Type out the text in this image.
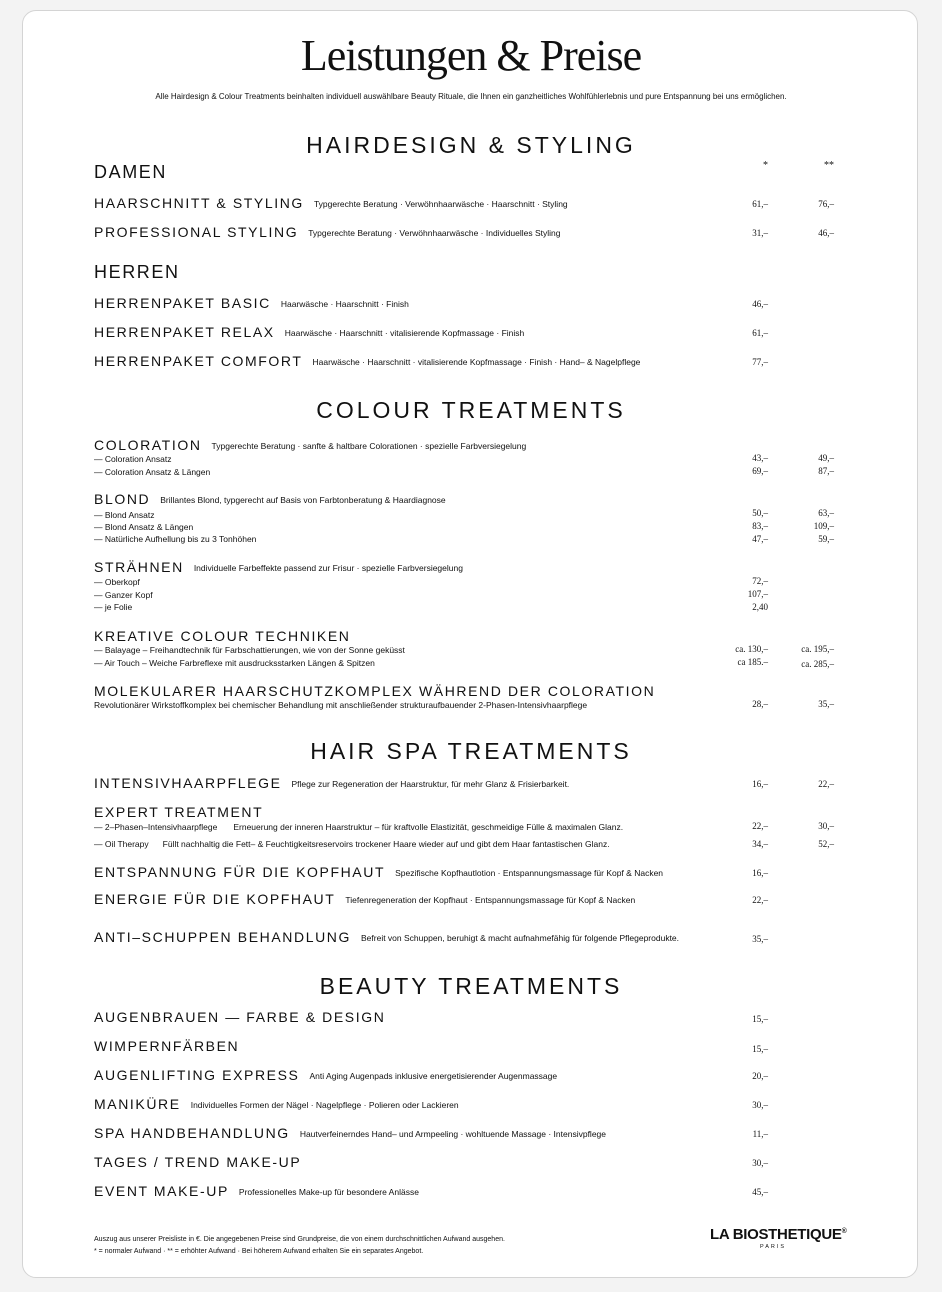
Leistungen & Preise
Alle Hairdesign & Colour Treatments beinhalten individuell auswählbare Beauty Rituale, die Ihnen ein ganzheitliches Wohlfühlerlebnis und pure Entspannung bei uns ermöglichen.
HAIRDESIGN & STYLING
DAMEN	*	**
HAARSCHNITT & STYLING Typgerechte Beratung · Verwöhnhaarwäsche · Haarschnitt · Styling	61,–	76,–
PROFESSIONAL STYLING Typgerechte Beratung · Verwöhnhaarwäsche · Individuelles Styling	31,–	46,–
HERREN
HERRENPAKET BASIC Haarwäsche · Haarschnitt · Finish	46,–
HERRENPAKET RELAX Haarwäsche · Haarschnitt · vitalisierende Kopfmassage · Finish	61,–
HERRENPAKET COMFORT Haarwäsche · Haarschnitt · vitalisierende Kopfmassage · Finish · Hand– & Nagelpflege	77,–
COLOUR TREATMENTS
COLORATION Typgerechte Beratung · sanfte & haltbare Colorationen · spezielle Farbversiegelung
— Coloration Ansatz	43,–	49,–
— Coloration Ansatz & Längen	69,–	87,–
BLOND Brillantes Blond, typgerecht auf Basis von Farbtonberatung & Haardiagnose
— Blond Ansatz	50,–	63,–
— Blond Ansatz & Längen	83,–	109,–
— Natürliche Aufhellung bis zu 3 Tonhöhen	47,–	59,–
STRÄHNEN Individuelle Farbeffekte passend zur Frisur · spezielle Farbversiegelung
— Oberkopf	72,–
— Ganzer Kopf	107,–
— je Folie	2,40
KREATIVE COLOUR TECHNIKEN
— Balayage – Freihandtechnik für Farbschattierungen, wie von der Sonne geküsst	ca. 130,–	ca. 195,–
— Air Touch – Weiche Farbreflexe mit ausdrucksstarken Längen & Spitzen	ca 185.–	ca. 285,–
MOLEKULARER HAARSCHUTZKOMPLEX WÄHREND DER COLORATION
Revolutionärer Wirkstoffkomplex bei chemischer Behandlung mit anschließender strukturaufbauender 2-Phasen-Intensivhaarpflege	28,–	35,–
HAIR SPA TREATMENTS
INTENSIVHAARPFLEGE Pflege zur Regeneration der Haarstruktur, für mehr Glanz & Frisierbarkeit.	16,–	22,–
EXPERT TREATMENT
— 2–Phasen–Intensivhaarpflege Erneuerung der inneren Haarstruktur – für kraftvolle Elastizität, geschmeidige Fülle & maximalen Glanz.	22,–	30,–
— Oil Therapy Füllt nachhaltig die Fett– & Feuchtigkeitsreservoirs trockener Haare wieder auf und gibt dem Haar fantastischen Glanz.	34,–	52,–
ENTSPANNUNG FÜR DIE KOPFHAUT Spezifische Kopfhautlotion · Entspannungsmassage für Kopf & Nacken	16,–
ENERGIE FÜR DIE KOPFHAUT Tiefenregeneration der Kopfhaut · Entspannungsmassage für Kopf & Nacken	22,–
ANTI–SCHUPPEN BEHANDLUNG Befreit von Schuppen, beruhigt & macht aufnahmefähig für folgende Pflegeprodukte.	35,–
BEAUTY TREATMENTS
AUGENBRAUEN — FARBE & DESIGN	15,–
WIMPERNFÄRBEN	15,–
AUGENLIFTING EXPRESS Anti Aging Augenpads inklusive energetisierender Augenmassage	20,–
MANIKÜRE Individuelles Formen der Nägel · Nagelpflege · Polieren oder Lackieren	30,–
SPA HANDBEHANDLUNG Hautverfeinerndes Hand– und Armpeeling · wohltuende Massage · Intensivpflege	11,–
TAGES / TREND MAKE-UP	30,–
EVENT MAKE-UP Professionelles Make-up für besondere Anlässe	45,–
Auszug aus unserer Preisliste in €. Die angegebenen Preise sind Grundpreise, die von einem durchschnittlichen Aufwand ausgehen.
* = normaler Aufwand · ** = erhöhter Aufwand · Bei höherem Aufwand erhalten Sie ein separates Angebot.
LA BIOSTHETIQUE®
PARIS
